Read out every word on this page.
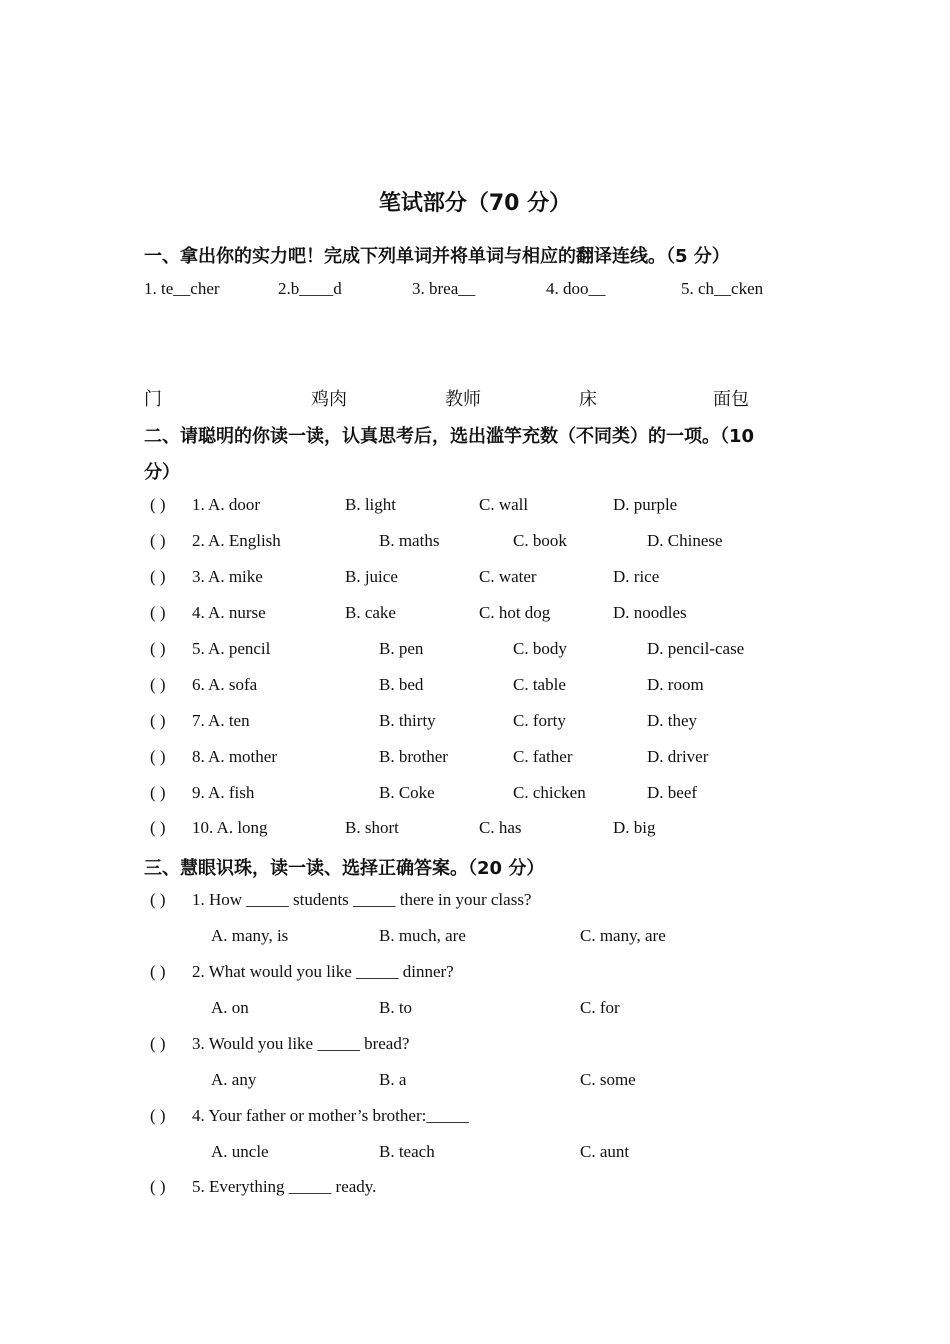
笔试部分（70 分）
一、拿出你的实力吧！完成下列单词并将单词与相应的翻译连线。（5 分）
1. te__cher	2.b____d	3. brea__	4. doo__	5. ch__cken
门	鸡肉	教师	床	面包
二、请聪明的你读一读，认真思考后，选出滥竽充数（不同类）的一项。（10
分）
( ) 1. A. door	B. light	C. wall	D. purple
( ) 2. A. English	B. maths	C. book	D. Chinese
( ) 3. A. mike	B. juice	C. water	D. rice
( ) 4. A. nurse	B. cake	C. hot dog	D. noodles
( ) 5. A. pencil	B. pen	C. body	D. pencil-case
( ) 6. A. sofa	B. bed	C. table	D. room
( ) 7. A. ten	B. thirty	C. forty	D. they
( ) 8. A. mother	B. brother	C. father	D. driver
( ) 9. A. fish	B. Coke	C. chicken	D. beef
( ) 10. A. long	B. short	C. has	D. big
三、慧眼识珠，读一读、选择正确答案。（20 分）
( ) 1. How _____ students _____ there in your class?
A. many, is	B. much, are	C. many, are
( ) 2. What would you like _____ dinner?
A. on	B. to	C. for
( ) 3. Would you like _____ bread?
A. any	B. a	C. some
( ) 4. Your father or mother’s brother:_____
A. uncle	B. teach	C. aunt
( ) 5. Everything _____ ready.
